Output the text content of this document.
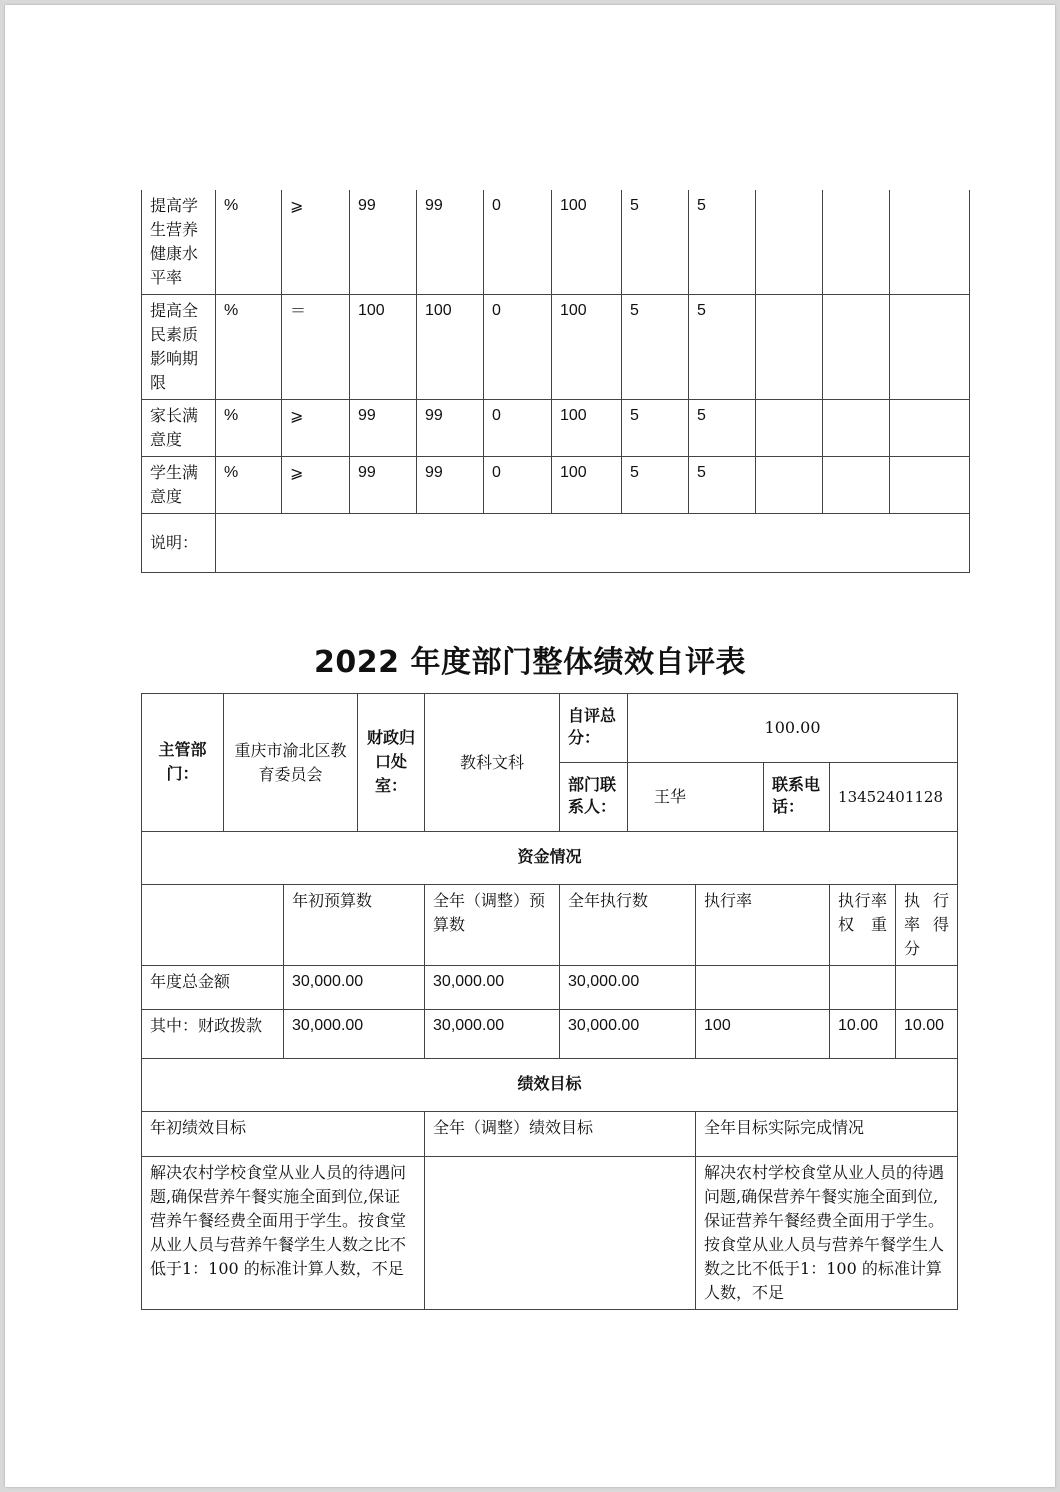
提高学生营养健康水平率	%	⩾	99	99	0	100	5	5			
提高全民素质影响期限	%	＝	100	100	0	100	5	5			
家长满意度	%	⩾	99	99	0	100	5	5			
学生满意度	%	⩾	99	99	0	100	5	5			
说明：											
2022 年度部门整体绩效自评表
主管部门：	重庆市渝北区教育委员会		财政归口处室：	教科文科	自评总分：	100.00				
					部门联系人：	王华		联系电话：	13452401128	
资金情况										
		年初预算数		全年（调整）预算数	全年执行数		执行率		执行率权重	执行率得分
年度总金额		30,000.00		30,000.00	30,000.00					
其中：财政拨款		30,000.00		30,000.00	30,000.00		100		10.00	10.00
绩效目标										
年初绩效目标				全年（调整）绩效目标			全年目标实际完成情况			
解决农村学校食堂从业人员的待遇问题,确保营养午餐实施全面到位,保证营养午餐经费全面用于学生。按食堂从业人员与营养午餐学生人数之比不低于1：100 的标准计算人数，不足							解决农村学校食堂从业人员的待遇问题,确保营养午餐实施全面到位,保证营养午餐经费全面用于学生。按食堂从业人员与营养午餐学生人数之比不低于1：100 的标准计算人数，不足			
